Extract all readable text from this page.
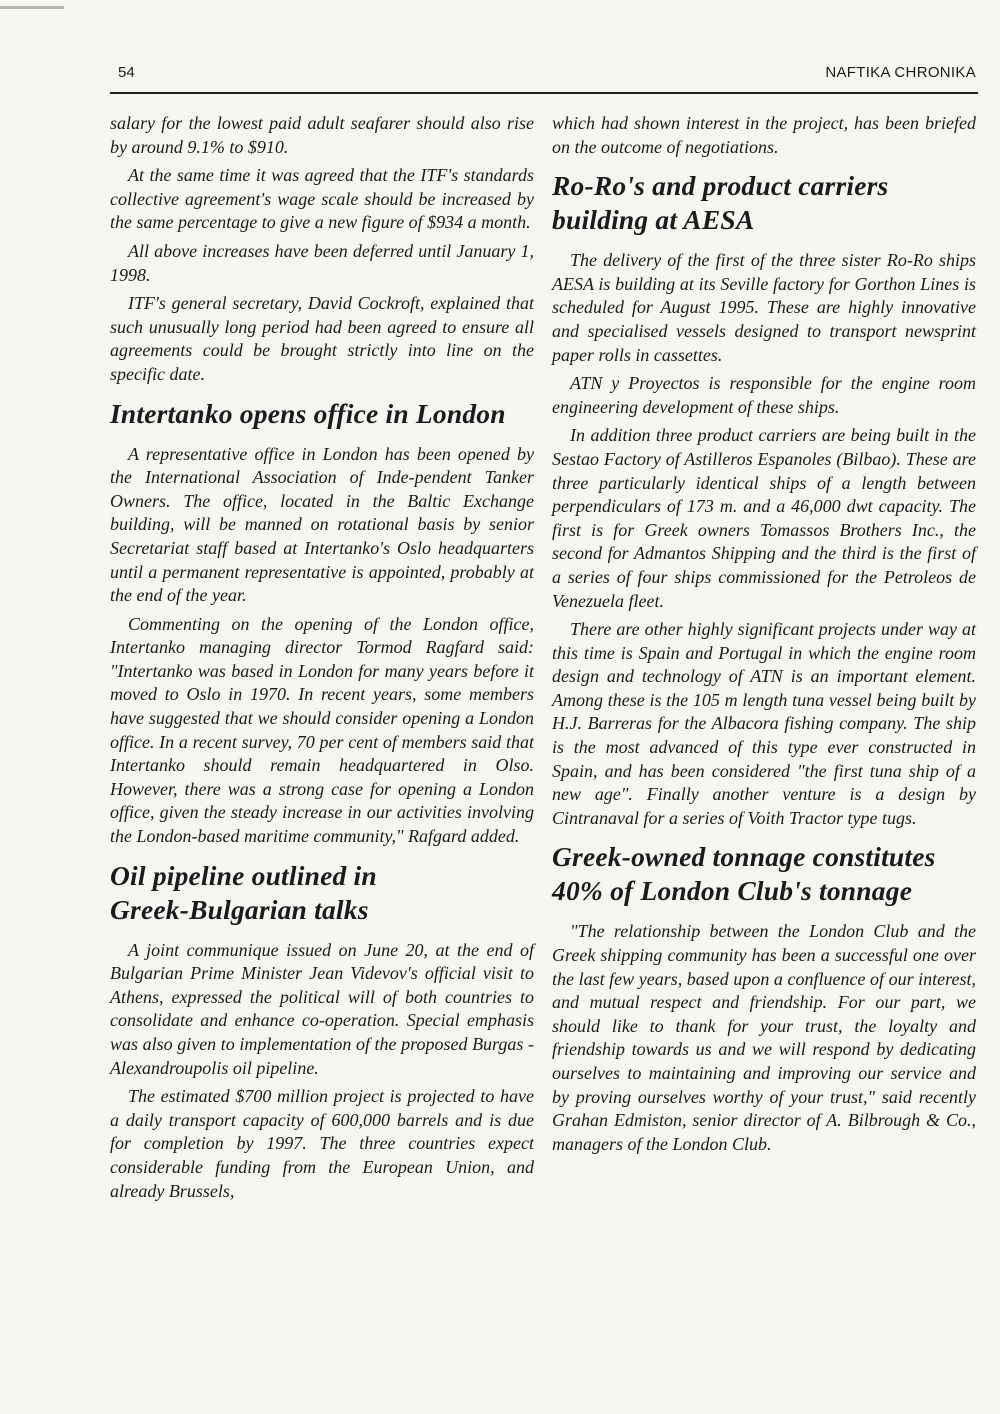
54	NAFTIKA CHRONIKA

salary for the lowest paid adult seafarer should also rise by around 9.1% to $910.

At the same time it was agreed that the ITF's standards collective agreement's wage scale should be increased by the same percentage to give a new figure of $934 a month.

All above increases have been deferred until January 1, 1998.

ITF's general secretary, David Cockroft, explained that such unusually long period had been agreed to ensure all agreements could be brought strictly into line on the specific date.

Intertanko opens office in London

A representative office in London has been opened by the International Association of Inde-pendent Tanker Owners. The office, located in the Baltic Exchange building, will be manned on rotational basis by senior Secretariat staff based at Intertanko's Oslo headquarters until a permanent representative is appointed, probably at the end of the year.

Commenting on the opening of the London office, Intertanko managing director Tormod Ragfard said: "Intertanko was based in London for many years before it moved to Oslo in 1970. In recent years, some members have suggested that we should consider opening a London office. In a recent survey, 70 per cent of members said that Intertanko should remain headquartered in Olso. However, there was a strong case for opening a London office, given the steady increase in our activities involving the London-based maritime community," Rafgard added.

Oil pipeline outlined in
Greek-Bulgarian talks

A joint communique issued on June 20, at the end of Bulgarian Prime Minister Jean Videvov's official visit to Athens, expressed the political will of both countries to consolidate and enhance co-operation. Special emphasis was also given to implementation of the proposed Burgas - Alexandroupolis oil pipeline.

The estimated $700 million project is projected to have a daily transport capacity of 600,000 barrels and is due for completion by 1997. The three countries expect considerable funding from the European Union, and already Brussels,

which had shown interest in the project, has been briefed on the outcome of negotiations.

Ro-Ro's and product carriers
building at AESA

The delivery of the first of the three sister Ro-Ro ships AESA is building at its Seville factory for Gorthon Lines is scheduled for August 1995. These are highly innovative and specialised vessels designed to transport newsprint paper rolls in cassettes.

ATN y Proyectos is responsible for the engine room engineering development of these ships.

In addition three product carriers are being built in the Sestao Factory of Astilleros Espanoles (Bilbao). These are three particularly identical ships of a length between perpendiculars of 173 m. and a 46,000 dwt capacity. The first is for Greek owners Tomassos Brothers Inc., the second for Admantos Shipping and the third is the first of a series of four ships commissioned for the Petroleos de Venezuela fleet.

There are other highly significant projects under way at this time is Spain and Portugal in which the engine room design and technology of ATN is an important element. Among these is the 105 m length tuna vessel being built by H.J. Barreras for the Albacora fishing company. The ship is the most advanced of this type ever constructed in Spain, and has been considered "the first tuna ship of a new age". Finally another venture is a design by Cintranaval for a series of Voith Tractor type tugs.

Greek-owned tonnage constitutes
40% of London Club's tonnage

"The relationship between the London Club and the Greek shipping community has been a successful one over the last few years, based upon a confluence of our interest, and mutual respect and friendship. For our part, we should like to thank for your trust, the loyalty and friendship towards us and we will respond by dedicating ourselves to maintaining and improving our service and by proving ourselves worthy of your trust," said recently Grahan Edmiston, senior director of A. Bilbrough & Co., managers of the London Club.
